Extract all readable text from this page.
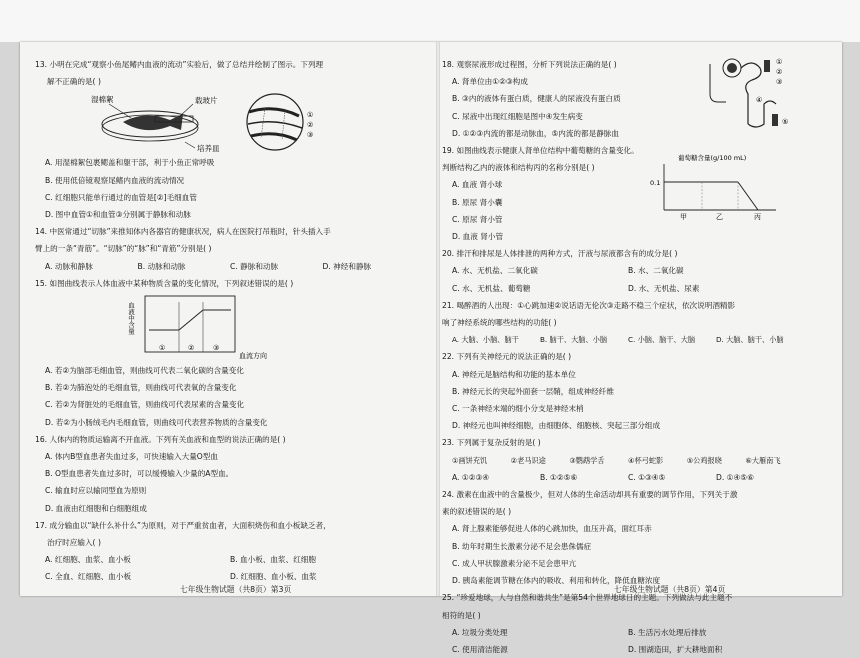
13. 小明在完成“观察小鱼尾鳍内血液的流动”实验后，做了总结并绘制了图示。下列理
解不正确的是( )
湿棉絮	载玻片
培养皿
①
②
③
A. 用湿棉絮包裹鳃盖和躯干部，利于小鱼正常呼吸
B. 使用低倍镜观察尾鳍内血液的流动情况
C. 红细胞只能单行通过的血管是[②]毛细血管
D. 图中血管①和血管③分别属于静脉和动脉
14. 中医常通过“切脉”来推知体内各器官的健康状况，病人在医院打吊瓶时，针头插入手
臂上的一条“青筋”。“切脉”的“脉”和“青筋”分别是( )
A. 动脉和静脉	B. 动脉和动脉	C. 静脉和动脉	D. 神经和静脉
15. 如图曲线表示人体血液中某种物质含量的变化情况，下列叙述错误的是( )
血液中含量
①	②	③
血流方向
A. 若②为脑部毛细血管，则曲线可代表二氧化碳的含量变化
B. 若②为肺泡处的毛细血管，则曲线可代表氧的含量变化
C. 若②为肾脏处的毛细血管，则曲线可代表尿素的含量变化
D. 若②为小肠绒毛内毛细血管，则曲线可代表营养物质的含量变化
16. 人体内的物质运输离不开血液。下列有关血液和血型的说法正确的是( )
A. 体内B型血患者失血过多，可快速输入大量O型血
B. O型血患者失血过多时，可以缓慢输入少量的A型血。
C. 输血时应以输同型血为原则
D. 血液由红细胞和白细胞组成
17. 成分输血以“缺什么补什么”为原则，对于严重贫血者，大面积烧伤和血小板缺乏者，
治疗时应输入( )
A. 红细胞、血浆、血小板	B. 血小板、血浆、红细胞
C. 全血、红细胞、血小板	D. 红细胞、血小板、血浆
七年级生物试题（共8页）第3页
18. 观察尿液形成过程图，分析下列说法正确的是( )
A. 肾单位由①②③构成
B. ③内的液体有蛋白质，健康人的尿液没有蛋白质
C. 尿液中出现红细胞是图中④发生病变
D. ①②③内流的都是动脉血，⑤内流的都是静脉血
①
②
③
④
⑤
19. 如图曲线表示健康人肾单位结构中葡萄糖的含量变化。
判断结构乙内的液体和结构丙的名称分别是( )
A. 血液 肾小球
B. 原尿 肾小囊
C. 原尿 肾小管
D. 血液 肾小管
葡萄糖含量(g/100 mL)
0.1
甲	乙	丙
20. 排汗和排尿是人体排泄的两种方式，汗液与尿液都含有的成分是( )
A. 水、无机盐、二氧化碳	B. 水、二氧化碳
C. 水、无机盐、葡萄糖	D. 水、无机盐、尿素
21. 喝醉酒的人出现：①心跳加速②说话语无伦次③走路不稳三个症状，依次说明酒精影
响了神经系统的哪些结构的功能( )
A. 大脑、小脑、脑干	B. 脑干、大脑、小脑	C. 小脑、脑干、大脑	D. 大脑、脑干、小脑
22. 下列有关神经元的说法正确的是( )
A. 神经元是脑结构和功能的基本单位
B. 神经元长的突起外面套一层鞘，组成神经纤维
C. 一条神经末端的细小分支是神经末梢
D. 神经元也叫神经细胞，由细胞体、细胞核、突起三部分组成
23. 下列属于复杂反射的是( )
①画饼充饥	②老马识途	③鹦鹉学舌	④杯弓蛇影	⑤公鸡报晓	⑥大雁南飞
A. ①②③④	B. ①②⑤⑥	C. ①③④⑤	D. ①④⑤⑥
24. 激素在血液中的含量极少，但对人体的生命活动却具有重要的调节作用，下列关于激
素的叙述错误的是( )
A. 肾上腺素能够促进人体的心跳加快，血压升高，面红耳赤
B. 幼年时期生长激素分泌不足会患侏儒症
C. 成人甲状腺激素分泌不足会患甲亢
D. 胰岛素能调节糖在体内的吸收、利用和转化，降低血糖浓度
25. “珍爱地球，人与自然和谐共生”是第54个世界地球日的主题。下列做法与此主题不
相符的是( )
A. 垃圾分类处理	B. 生活污水处理后排放
C. 使用清洁能源	D. 围湖造田，扩大耕地面积
七年级生物试题（共8页）第4页
